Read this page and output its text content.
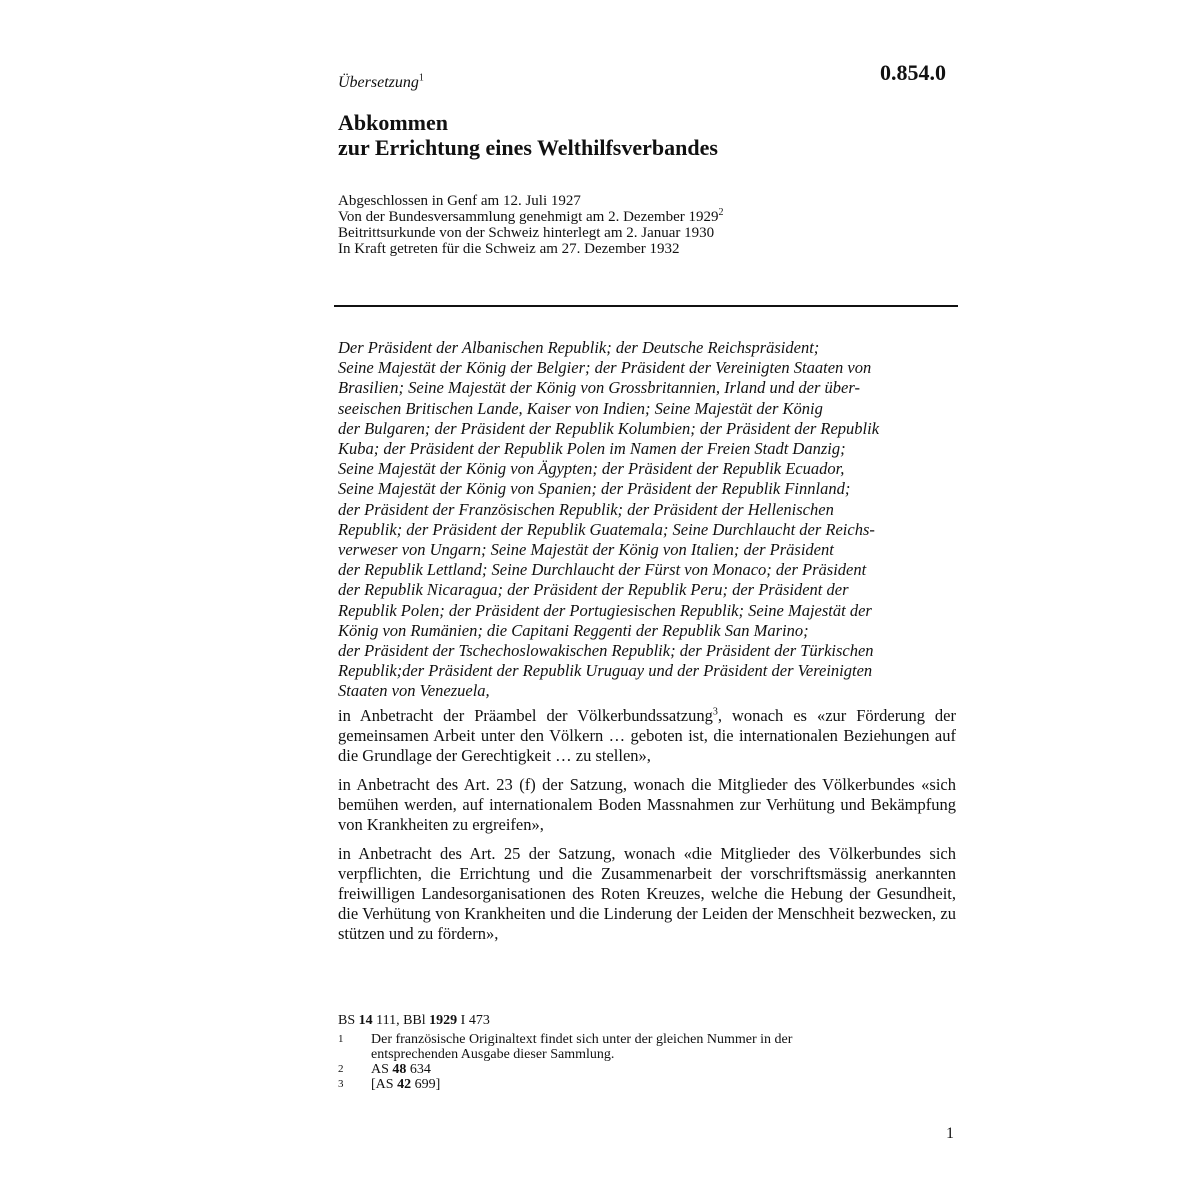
Übersetzung$^1$	0.854.0
Abkommen
zur Errichtung eines Welthilfsverbandes
Abgeschlossen in Genf am 12. Juli 1927
Von der Bundesversammlung genehmigt am 2. Dezember 1929$^2$
Beitrittsurkunde von der Schweiz hinterlegt am 2. Januar 1930
In Kraft getreten für die Schweiz am 27. Dezember 1932
Der Präsident der Albanischen Republik; der Deutsche Reichspräsident;
Seine Majestät der König der Belgier; der Präsident der Vereinigten Staaten von
Brasilien; Seine Majestät der König von Grossbritannien, Irland und der über-
seeischen Britischen Lande, Kaiser von Indien; Seine Majestät der König
der Bulgaren; der Präsident der Republik Kolumbien; der Präsident der Republik
Kuba; der Präsident der Republik Polen im Namen der Freien Stadt Danzig;
Seine Majestät der König von Ägypten; der Präsident der Republik Ecuador,
Seine Majestät der König von Spanien; der Präsident der Republik Finnland;
der Präsident der Französischen Republik; der Präsident der Hellenischen
Republik; der Präsident der Republik Guatemala; Seine Durchlaucht der Reichs-
verweser von Ungarn; Seine Majestät der König von Italien; der Präsident
der Republik Lettland; Seine Durchlaucht der Fürst von Monaco; der Präsident
der Republik Nicaragua; der Präsident der Republik Peru; der Präsident der
Republik Polen; der Präsident der Portugiesischen Republik; Seine Majestät der
König von Rumänien; die Capitani Reggenti der Republik San Marino;
der Präsident der Tschechoslowakischen Republik; der Präsident der Türkischen
Republik;der Präsident der Republik Uruguay und der Präsident der Vereinigten
Staaten von Venezuela,

in Anbetracht der Präambel der Völkerbundssatzung$^3$, wonach es «zur Förderung der gemeinsamen Arbeit unter den Völkern … geboten ist, die internationalen Beziehungen auf die Grundlage der Gerechtigkeit … zu stellen»,

in Anbetracht des Art. 23 (f) der Satzung, wonach die Mitglieder des Völkerbundes «sich bemühen werden, auf internationalem Boden Massnahmen zur Verhütung und Bekämpfung von Krankheiten zu ergreifen»,

in Anbetracht des Art. 25 der Satzung, wonach «die Mitglieder des Völkerbundes sich verpflichten, die Errichtung und die Zusammenarbeit der vorschriftsmässig anerkannten freiwilligen Landesorganisationen des Roten Kreuzes, welche die Hebung der Gesundheit, die Verhütung von Krankheiten und die Linderung der Leiden der Menschheit bezwecken, zu stützen und zu fördern»,

BS 14 111, BBl 1929 I 473
1	Der französische Originaltext findet sich unter der gleichen Nummer in der entsprechenden Ausgabe dieser Sammlung.
2	AS 48 634
3	[AS 42 699]
1
